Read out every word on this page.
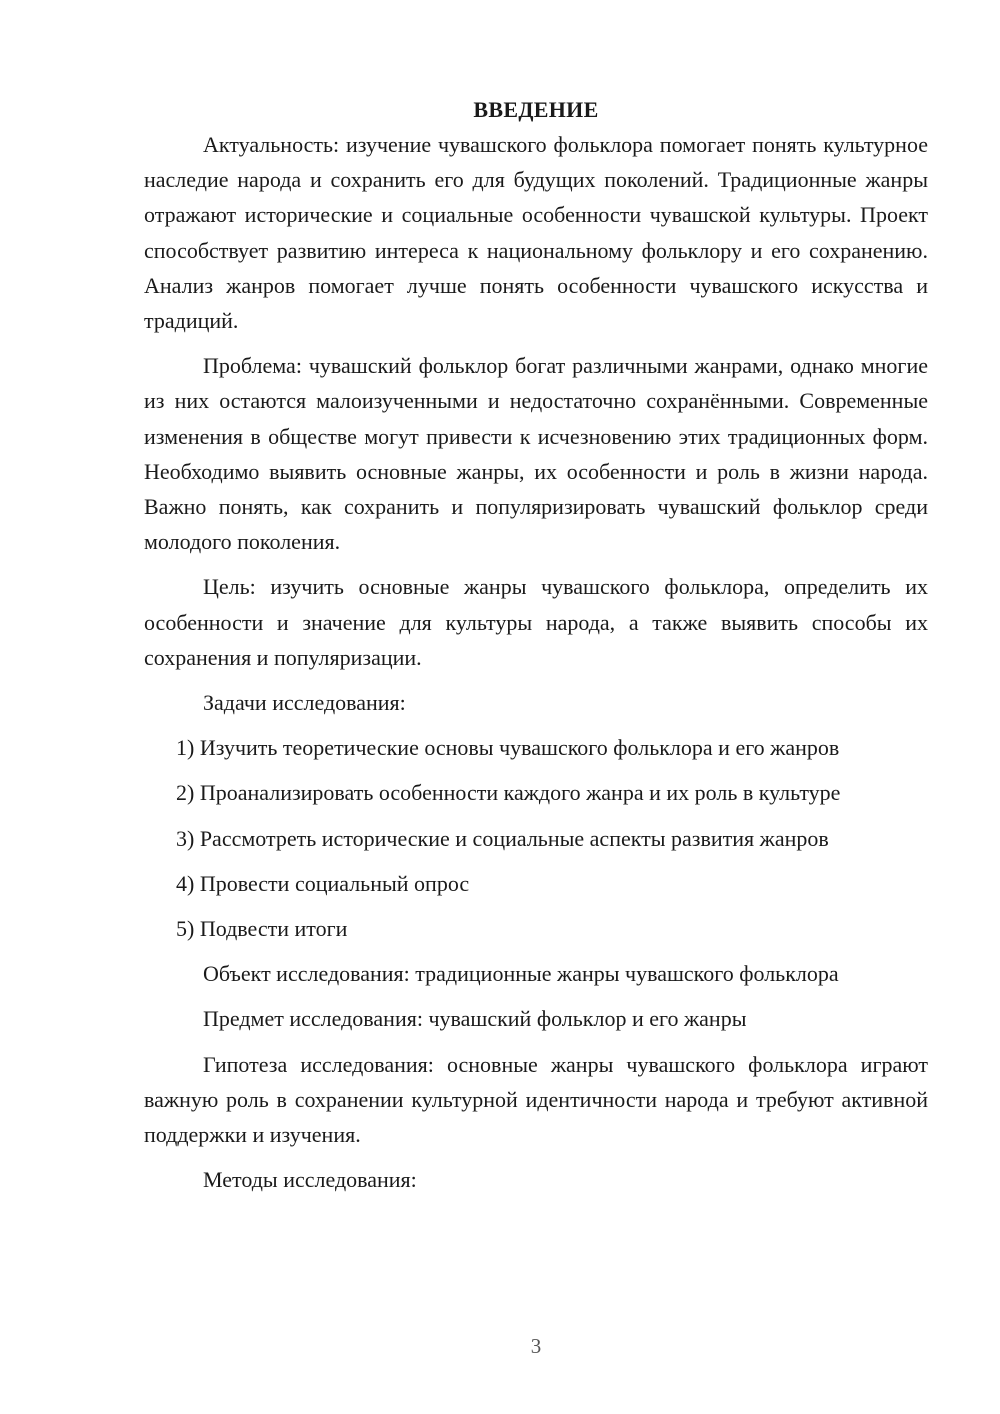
ВВЕДЕНИЕ

Актуальность: изучение чувашского фольклора помогает понять культурное наследие народа и сохранить его для будущих поколений. Традиционные жанры отражают исторические и социальные особенности чувашской культуры. Проект способствует развитию интереса к национальному фольклору и его сохранению. Анализ жанров помогает лучше понять особенности чувашского искусства и традиций.

Проблема: чувашский фольклор богат различными жанрами, однако многие из них остаются малоизученными и недостаточно сохранёнными. Современные изменения в обществе могут привести к исчезновению этих традиционных форм. Необходимо выявить основные жанры, их особенности и роль в жизни народа. Важно понять, как сохранить и популяризировать чувашский фольклор среди молодого поколения.

Цель: изучить основные жанры чувашского фольклора, определить их особенности и значение для культуры народа, а также выявить способы их сохранения и популяризации.

Задачи исследования:

1) Изучить теоретические основы чувашского фольклора и его жанров

2) Проанализировать особенности каждого жанра и их роль в культуре

3) Рассмотреть исторические и социальные аспекты развития жанров

4) Провести социальный опрос

5) Подвести итоги

Объект исследования: традиционные жанры чувашского фольклора

Предмет исследования: чувашский фольклор и его жанры

Гипотеза исследования: основные жанры чувашского фольклора играют важную роль в сохранении культурной идентичности народа и требуют активной поддержки и изучения.

Методы исследования:

3
